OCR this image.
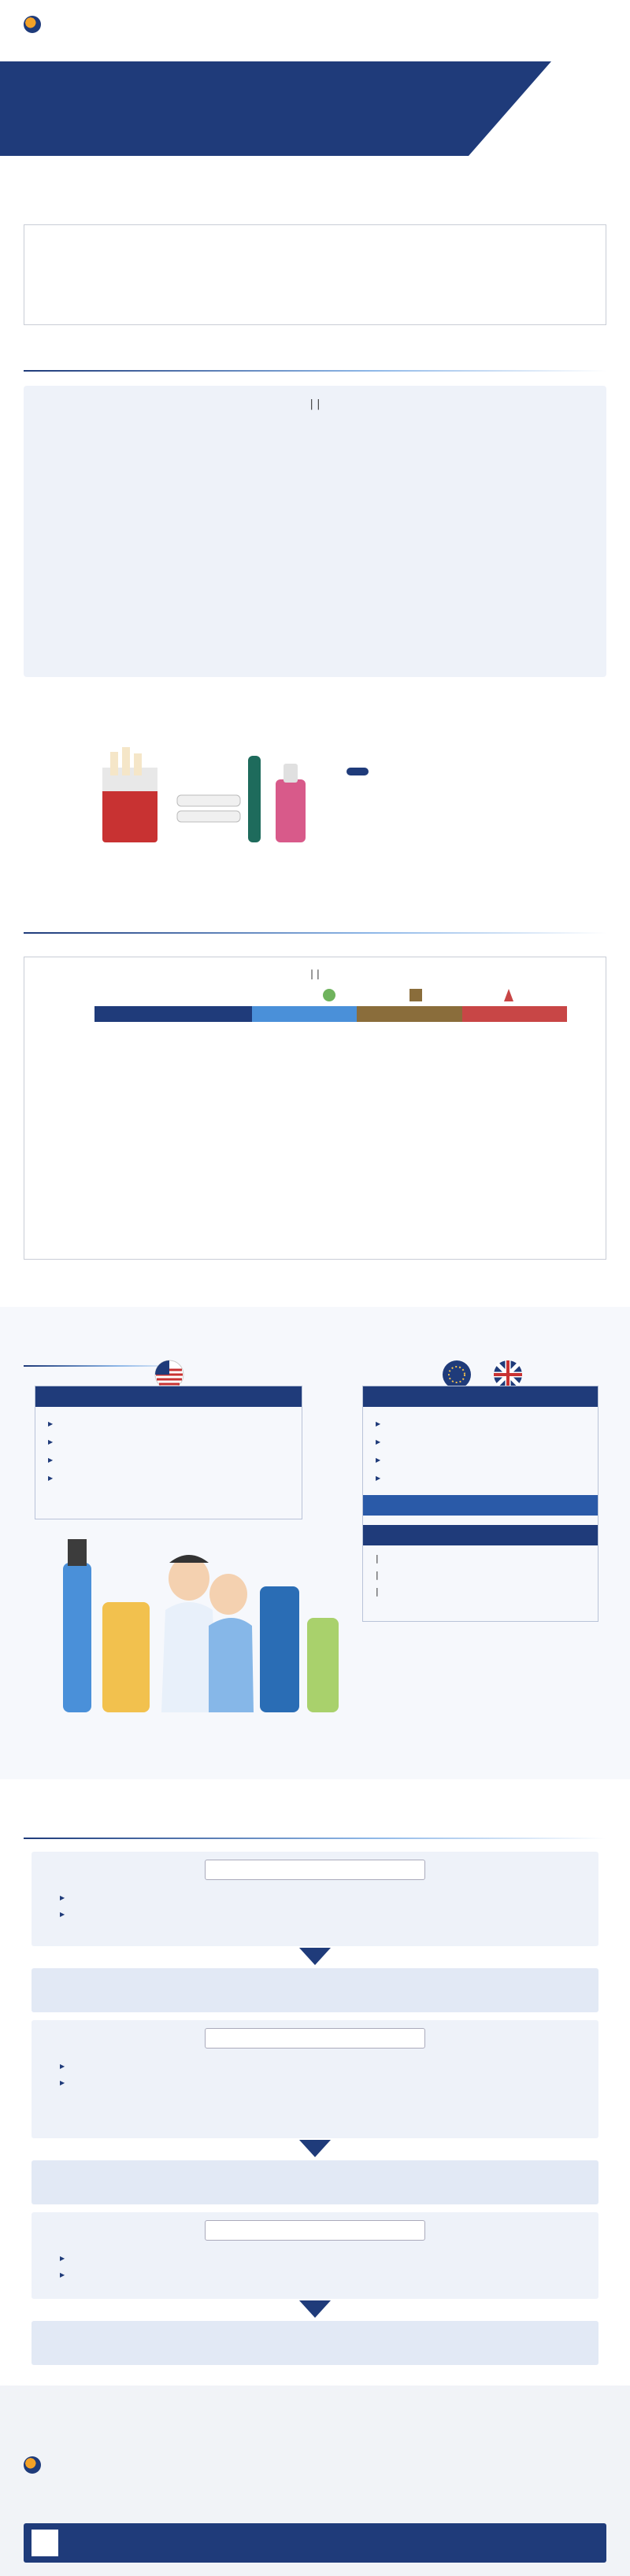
| |
| |

▶
▶
▶
▶
▶
▶
▶
▶
|
|
|
▶
▶
▶
▶
▶
▶
